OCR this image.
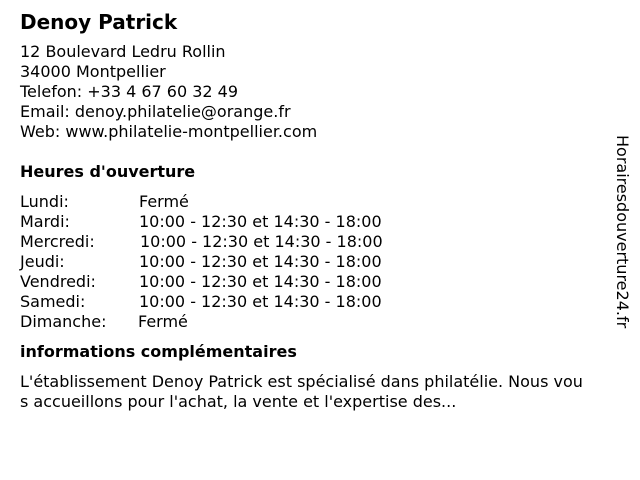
Denoy Patrick
12 Boulevard Ledru Rollin
34000 Montpellier
Telefon: +33 4 67 60 32 49
Email: denoy.philatelie@orange.fr
Web: www.philatelie-montpellier.com
Heures d'ouverture
Lundi:	Fermé
Mardi:	10:00 - 12:30 et 14:30 - 18:00
Mercredi:	10:00 - 12:30 et 14:30 - 18:00
Jeudi:	10:00 - 12:30 et 14:30 - 18:00
Vendredi:	10:00 - 12:30 et 14:30 - 18:00
Samedi:	10:00 - 12:30 et 14:30 - 18:00
Dimanche:	Fermé
informations complémentaires
L'établissement Denoy Patrick est spécialisé dans philatélie. Nous vous accueillons pour l'achat, la vente et l'expertise des...
Horairesdouverture24.fr
